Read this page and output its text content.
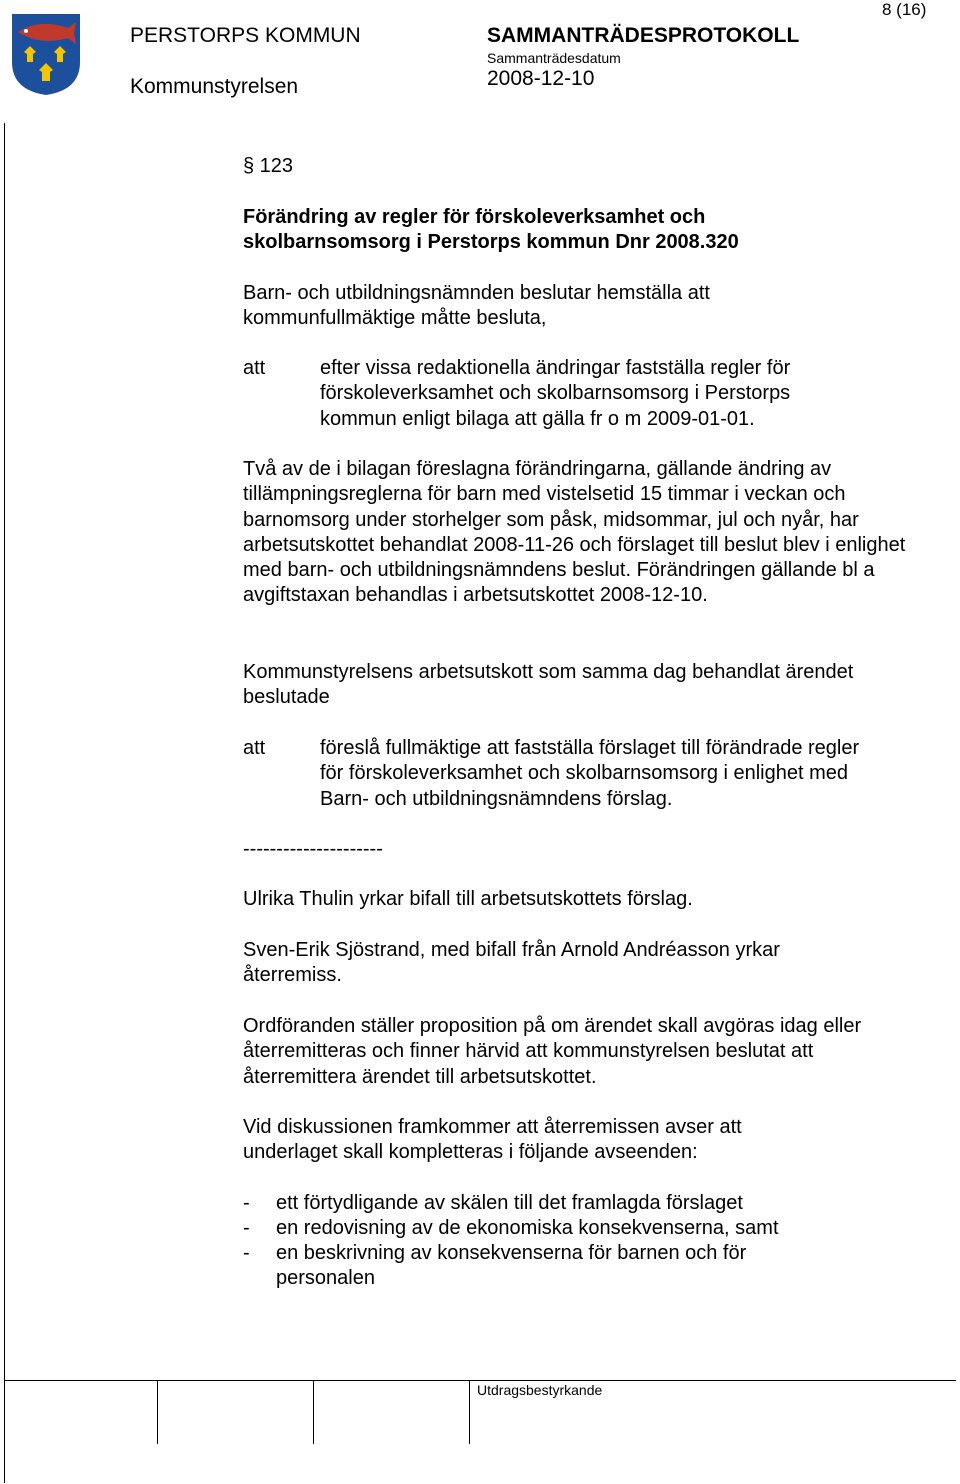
PERSTORPS KOMMUN
Kommunstyrelsen
SAMMANTRÄDESPROTOKOLL
Sammanträdesdatum
2008-12-10
8 (16)

§ 123

Förändring av regler för förskoleverksamhet och

skolbarnsomsorg i Perstorps kommun Dnr 2008.320

Barn- och utbildningsnämnden beslutar hemställa att kommunfullmäktige måtte besluta,

att	efter vissa redaktionella ändringar fastställa regler för förskoleverksamhet och skolbarnsomsorg i Perstorps kommun enligt bilaga att gälla fr o m 2009-01-01.

Två av de i bilagan föreslagna förändringarna, gällande ändring av tillämpningsreglerna för barn med vistelsetid 15 timmar i veckan och barnomsorg under storhelger som påsk, midsommar, jul och nyår, har arbetsutskottet behandlat 2008-11-26 och förslaget till beslut blev i enlighet med barn- och utbildningsnämndens beslut. Förändringen gällande bl a avgiftstaxan behandlas i arbetsutskottet 2008-12-10.

Kommunstyrelsens arbetsutskott som samma dag behandlat ärendet beslutade

att	föreslå fullmäktige att fastställa förslaget till förändrade regler för förskoleverksamhet och skolbarnsomsorg i enlighet med Barn- och utbildningsnämndens förslag.

---------------------

Ulrika Thulin yrkar bifall till arbetsutskottets förslag.

Sven-Erik Sjöstrand, med bifall från Arnold Andréasson yrkar återremiss.

Ordföranden ställer proposition på om ärendet skall avgöras idag eller återremitteras och finner härvid att kommunstyrelsen beslutat att återremittera ärendet till arbetsutskottet.

Vid diskussionen framkommer att återremissen avser att underlaget skall kompletteras i följande avseenden:

- ett förtydligande av skälen till det framlagda förslaget
- en redovisning av de ekonomiska konsekvenserna, samt
- en beskrivning av konsekvenserna för barnen och för personalen
Utdragsbestyrkande
